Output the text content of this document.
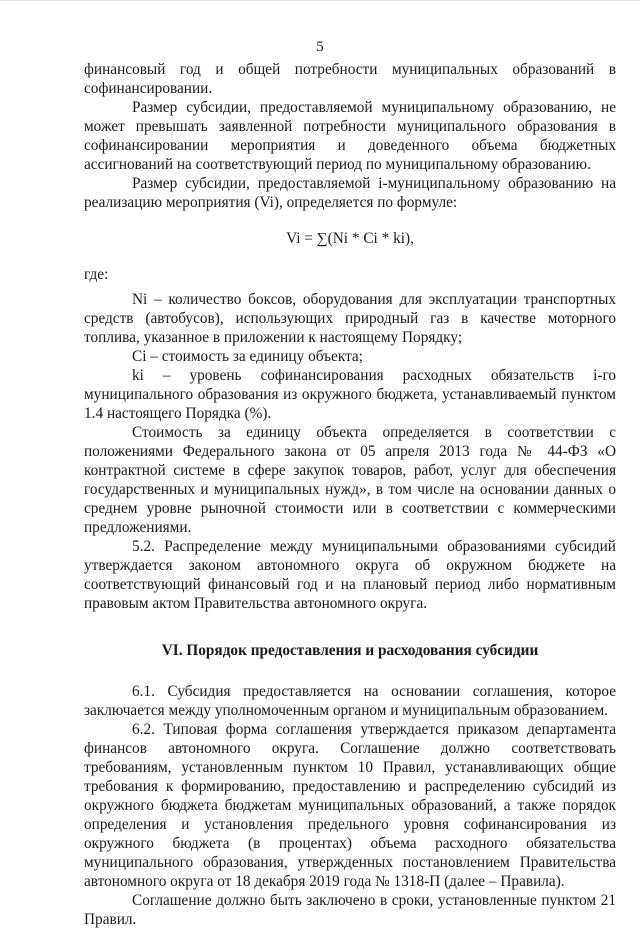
5

финансовый год и общей потребности муниципальных образований в софинансировании.

Размер субсидии, предоставляемой муниципальному образованию, не может превышать заявленной потребности муниципального образования в софинансировании мероприятия и доведенного объема бюджетных ассигнований на соответствующий период по муниципальному образованию.

Размер субсидии, предоставляемой i-муниципальному образованию на реализацию мероприятия (Vi), определяется по формуле:

Vi = ∑(Ni * Ci * ki),

где:

Ni – количество боксов, оборудования для эксплуатации транспортных средств (автобусов), использующих природный газ в качестве моторного топлива, указанное в приложении к настоящему Порядку;

Ci – стоимость за единицу объекта;

ki – уровень софинансирования расходных обязательств i-го муниципального образования из окружного бюджета, устанавливаемый пунктом 1.4 настоящего Порядка (%).

Стоимость за единицу объекта определяется в соответствии с положениями Федерального закона от 05 апреля 2013 года № 44-ФЗ «О контрактной системе в сфере закупок товаров, работ, услуг для обеспечения государственных и муниципальных нужд», в том числе на основании данных о среднем уровне рыночной стоимости или в соответствии с коммерческими предложениями.

5.2. Распределение между муниципальными образованиями субсидий утверждается законом автономного округа об окружном бюджете на соответствующий финансовый год и на плановый период либо нормативным правовым актом Правительства автономного округа.

VI. Порядок предоставления и расходования субсидии

6.1. Субсидия предоставляется на основании соглашения, которое заключается между уполномоченным органом и муниципальным образованием.

6.2. Типовая форма соглашения утверждается приказом департамента финансов автономного округа. Соглашение должно соответствовать требованиям, установленным пунктом 10 Правил, устанавливающих общие требования к формированию, предоставлению и распределению субсидий из окружного бюджета бюджетам муниципальных образований, а также порядок определения и установления предельного уровня софинансирования из окружного бюджета (в процентах) объема расходного обязательства муниципального образования, утвержденных постановлением Правительства автономного округа от 18 декабря 2019 года № 1318-П (далее – Правила).

Соглашение должно быть заключено в сроки, установленные пунктом 21 Правил.
